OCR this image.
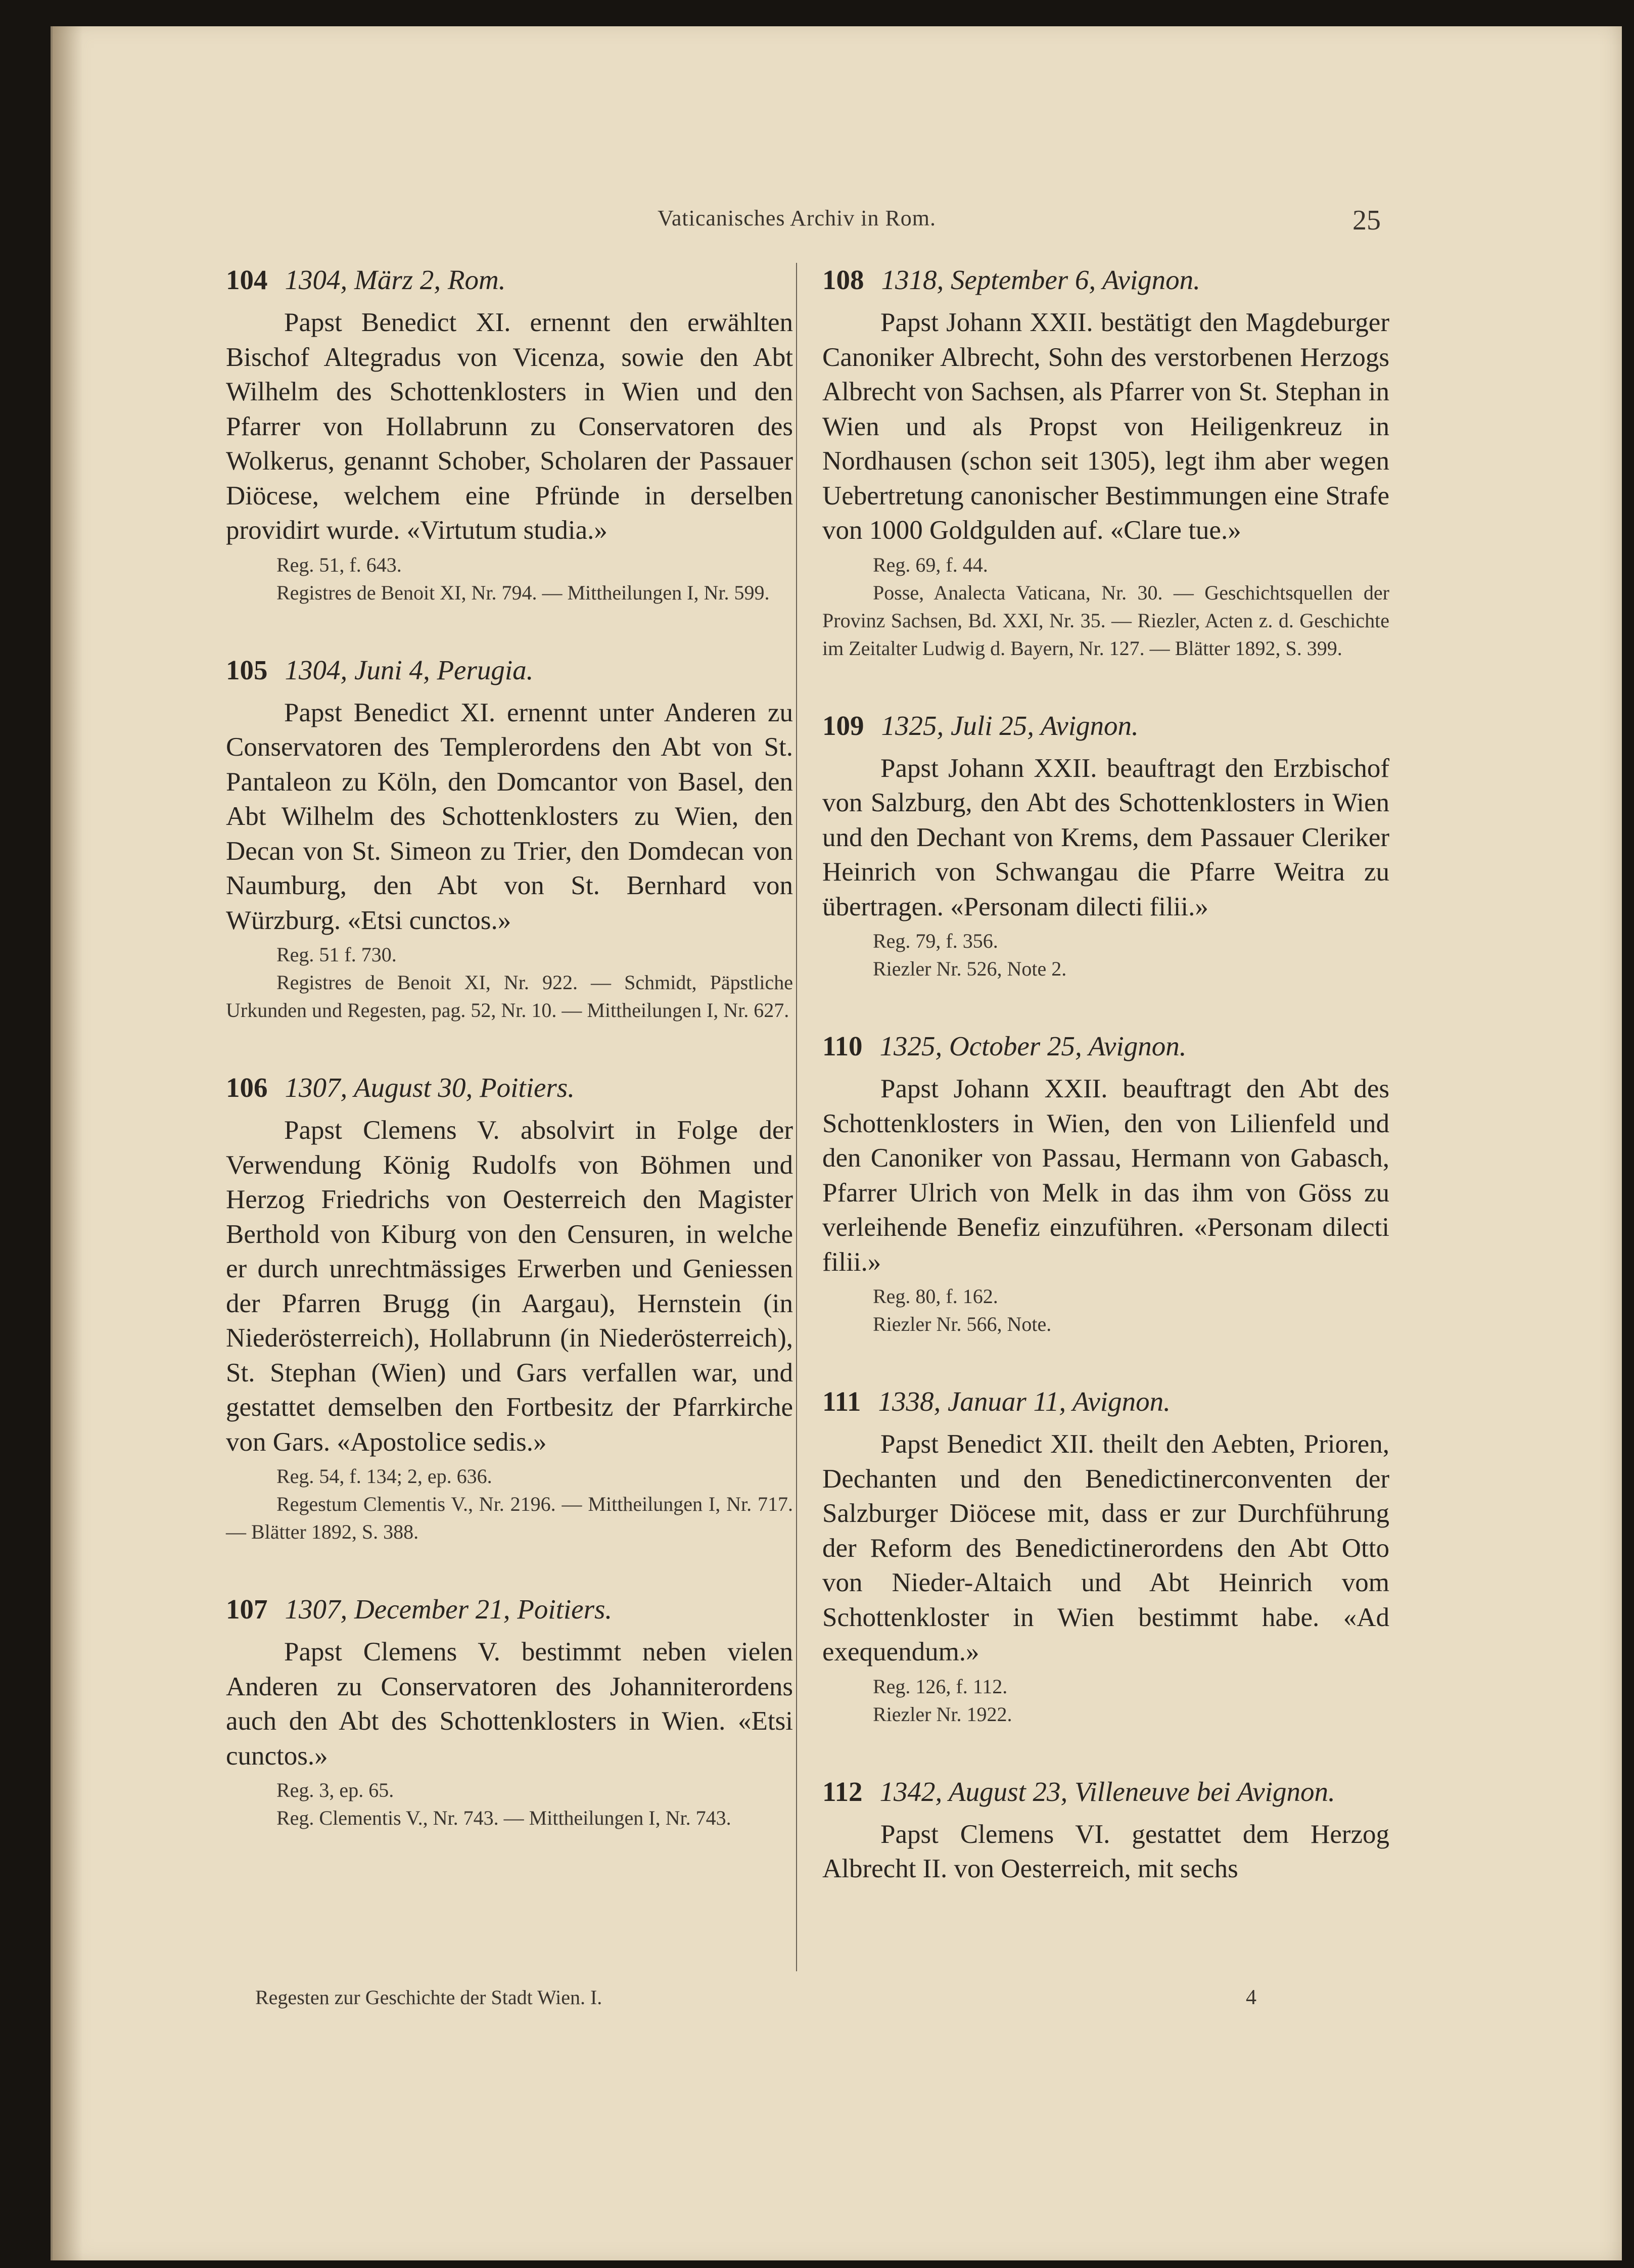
Vaticanisches Archiv in Rom.	25

104 1304, März 2, Rom.

Papst Benedict XI. ernennt den erwählten Bischof Altegradus von Vicenza, sowie den Abt Wilhelm des Schottenklosters in Wien und den Pfarrer von Hollabrunn zu Conservatoren des Wolkerus, genannt Schober, Scholaren der Passauer Diöcese, welchem eine Pfründe in derselben providirt wurde. «Virtutum studia.»

Reg. 51, f. 643.

Registres de Benoit XI, Nr. 794. — Mittheilungen I, Nr. 599.

105 1304, Juni 4, Perugia.

Papst Benedict XI. ernennt unter Anderen zu Conservatoren des Templerordens den Abt von St. Pantaleon zu Köln, den Domcantor von Basel, den Abt Wilhelm des Schottenklosters zu Wien, den Decan von St. Simeon zu Trier, den Domdecan von Naumburg, den Abt von St. Bernhard von Würzburg. «Etsi cunctos.»

Reg. 51 f. 730.

Registres de Benoit XI, Nr. 922. — Schmidt, Päpstliche Urkunden und Regesten, pag. 52, Nr. 10. — Mittheilungen I, Nr. 627.

106 1307, August 30, Poitiers.

Papst Clemens V. absolvirt in Folge der Verwendung König Rudolfs von Böhmen und Herzog Friedrichs von Oesterreich den Magister Berthold von Kiburg von den Censuren, in welche er durch unrechtmässiges Erwerben und Geniessen der Pfarren Brugg (in Aargau), Hernstein (in Niederösterreich), Hollabrunn (in Niederösterreich), St. Stephan (Wien) und Gars verfallen war, und gestattet demselben den Fortbesitz der Pfarrkirche von Gars. «Apostolice sedis.»

Reg. 54, f. 134; 2, ep. 636.

Regestum Clementis V., Nr. 2196. — Mittheilungen I, Nr. 717. — Blätter 1892, S. 388.

107 1307, December 21, Poitiers.

Papst Clemens V. bestimmt neben vielen Anderen zu Conservatoren des Johanniterordens auch den Abt des Schottenklosters in Wien. «Etsi cunctos.»

Reg. 3, ep. 65.

Reg. Clementis V., Nr. 743. — Mittheilungen I, Nr. 743.

108 1318, September 6, Avignon.

Papst Johann XXII. bestätigt den Magdeburger Canoniker Albrecht, Sohn des verstorbenen Herzogs Albrecht von Sachsen, als Pfarrer von St. Stephan in Wien und als Propst von Heiligenkreuz in Nordhausen (schon seit 1305), legt ihm aber wegen Uebertretung canonischer Bestimmungen eine Strafe von 1000 Goldgulden auf. «Clare tue.»

Reg. 69, f. 44.

Posse, Analecta Vaticana, Nr. 30. — Geschichtsquellen der Provinz Sachsen, Bd. XXI, Nr. 35. — Riezler, Acten z. d. Geschichte im Zeitalter Ludwig d. Bayern, Nr. 127. — Blätter 1892, S. 399.

109 1325, Juli 25, Avignon.

Papst Johann XXII. beauftragt den Erzbischof von Salzburg, den Abt des Schottenklosters in Wien und den Dechant von Krems, dem Passauer Cleriker Heinrich von Schwangau die Pfarre Weitra zu übertragen. «Personam dilecti filii.»

Reg. 79, f. 356.

Riezler Nr. 526, Note 2.

110 1325, October 25, Avignon.

Papst Johann XXII. beauftragt den Abt des Schottenklosters in Wien, den von Lilienfeld und den Canoniker von Passau, Hermann von Gabasch, Pfarrer Ulrich von Melk in das ihm von Göss zu verleihende Benefiz einzuführen. «Personam dilecti filii.»

Reg. 80, f. 162.

Riezler Nr. 566, Note.

111 1338, Januar 11, Avignon.

Papst Benedict XII. theilt den Aebten, Prioren, Dechanten und den Benedictinerconventen der Salzburger Diöcese mit, dass er zur Durchführung der Reform des Benedictinerordens den Abt Otto von Nieder-Altaich und Abt Heinrich vom Schottenkloster in Wien bestimmt habe. «Ad exequendum.»

Reg. 126, f. 112.

Riezler Nr. 1922.

112 1342, August 23, Villeneuve bei Avignon.

Papst Clemens VI. gestattet dem Herzog Albrecht II. von Oesterreich, mit sechs

Regesten zur Geschichte der Stadt Wien. I.	4
